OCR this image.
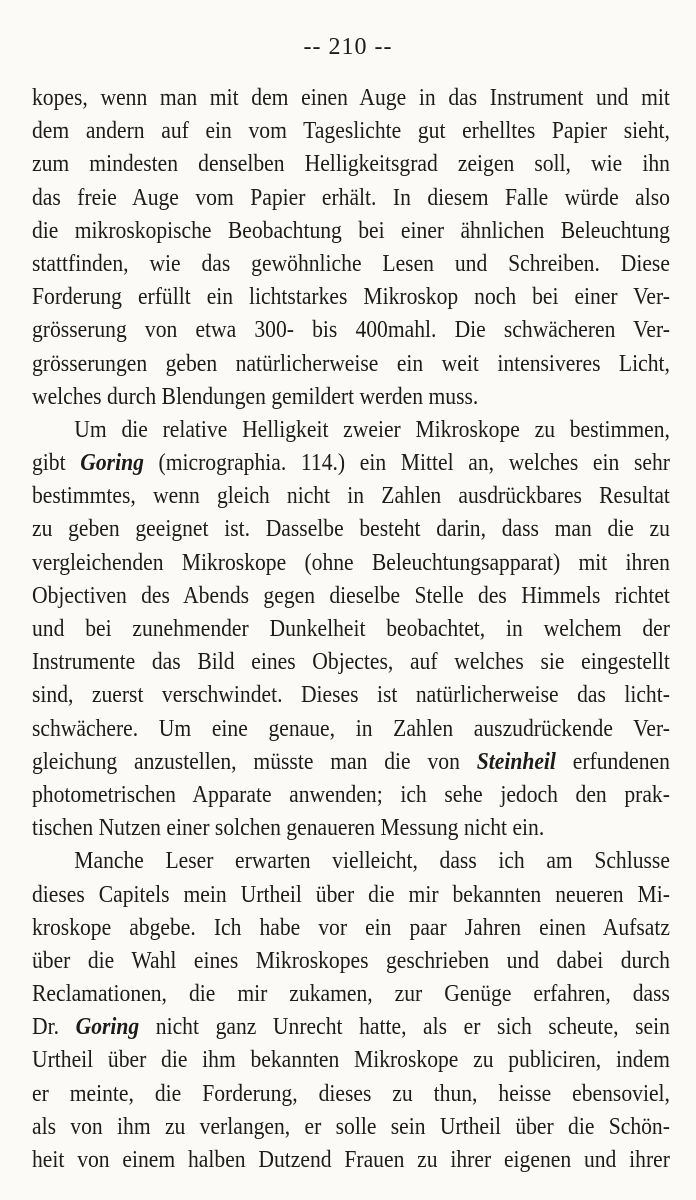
-- 210 --
kopes, wenn man mit dem einen Auge in das Instrument und mit
dem andern auf ein vom Tageslichte gut erhelltes Papier sieht,
zum mindesten denselben Helligkeitsgrad zeigen soll, wie ihn
das freie Auge vom Papier erhält. In diesem Falle würde also
die mikroskopische Beobachtung bei einer ähnlichen Beleuchtung
stattfinden, wie das gewöhnliche Lesen und Schreiben. Diese
Forderung erfüllt ein lichtstarkes Mikroskop noch bei einer Ver-
grösserung von etwa 300- bis 400mahl. Die schwächeren Ver-
grösserungen geben natürlicherweise ein weit intensiveres Licht,
welches durch Blendungen gemildert werden muss.
Um die relative Helligkeit zweier Mikroskope zu bestimmen,
gibt Goring (micrographia. 114.) ein Mittel an, welches ein sehr
bestimmtes, wenn gleich nicht in Zahlen ausdrückbares Resultat
zu geben geeignet ist. Dasselbe besteht darin, dass man die zu
vergleichenden Mikroskope (ohne Beleuchtungsapparat) mit ihren
Objectiven des Abends gegen dieselbe Stelle des Himmels richtet
und bei zunehmender Dunkelheit beobachtet, in welchem der
Instrumente das Bild eines Objectes, auf welches sie eingestellt
sind, zuerst verschwindet. Dieses ist natürlicherweise das licht-
schwächere. Um eine genaue, in Zahlen auszudrückende Ver-
gleichung anzustellen, müsste man die von Steinheil erfundenen
photometrischen Apparate anwenden; ich sehe jedoch den prak-
tischen Nutzen einer solchen genaueren Messung nicht ein.
Manche Leser erwarten vielleicht, dass ich am Schlusse
dieses Capitels mein Urtheil über die mir bekannten neueren Mi-
kroskope abgebe. Ich habe vor ein paar Jahren einen Aufsatz
über die Wahl eines Mikroskopes geschrieben und dabei durch
Reclamationen, die mir zukamen, zur Genüge erfahren, dass
Dr. Goring nicht ganz Unrecht hatte, als er sich scheute, sein
Urtheil über die ihm bekannten Mikroskope zu publiciren, indem
er meinte, die Forderung, dieses zu thun, heisse ebensoviel,
als von ihm zu verlangen, er solle sein Urtheil über die Schön-
heit von einem halben Dutzend Frauen zu ihrer eigenen und ihrer
